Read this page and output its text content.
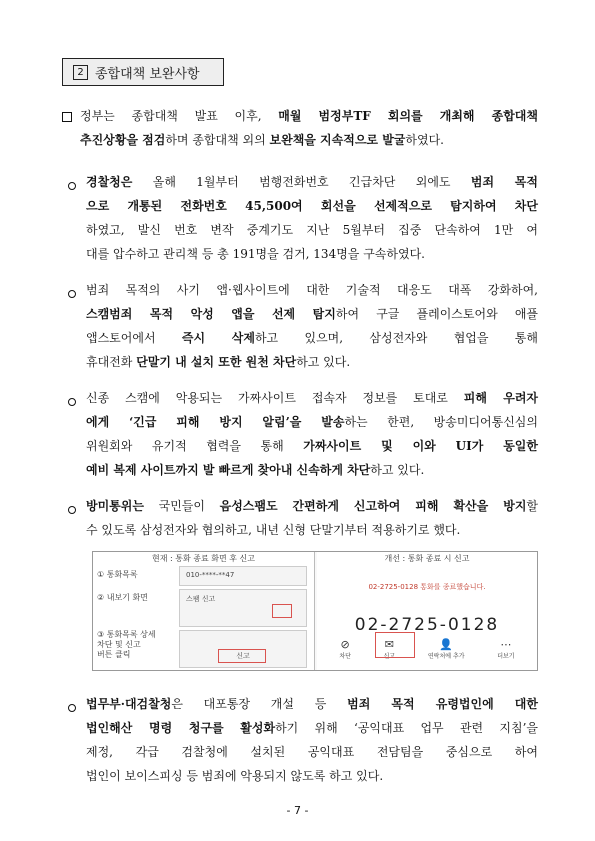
2 종합대책 보완사항
정부는 종합대책 발표 이후, 매월 범정부TF 회의를 개최해 종합대책
추진상황을 점검하며 종합대책 외의 보완책을 지속적으로 발굴하였다.
경찰청은 올해 1월부터 범행전화번호 긴급차단 외에도 범죄 목적
으로 개통된 전화번호 45,500여 회선을 선제적으로 탐지하여 차단
하였고, 발신 번호 변작 중계기도 지난 5월부터 집중 단속하여 1만 여
대를 압수하고 관리책 등 총 191명을 검거, 134명을 구속하였다.
범죄 목적의 사기 앱·웹사이트에 대한 기술적 대응도 대폭 강화하여,
스캠범죄 목적 악성 앱을 선제 탐지하여 구글 플레이스토어와 애플
앱스토어에서 즉시 삭제하고 있으며, 삼성전자와 협업을 통해
휴대전화 단말기 내 설치 또한 원천 차단하고 있다.
신종 스캠에 악용되는 가짜사이트 접속자 정보를 토대로 피해 우려자
에게 ‘긴급 피해 방지 알림’을 발송하는 한편, 방송미디어통신심의
위원회와 유기적 협력을 통해 가짜사이트 및 이와 UI가 동일한
예비 복제 사이트까지 발 빠르게 찾아내 신속하게 차단하고 있다.
방미통위는 국민들이 음성스팸도 간편하게 신고하여 피해 확산을 방지할
수 있도록 삼성전자와 협의하고, 내년 신형 단말기부터 적용하기로 했다.
현재 : 통화 종료 화면 후 신고
① 통화목록
② 내보기 화면
③ 통화목록 상세
차단 및 신고
버튼 클릭
010-****-**47
스팸 신고
신고
개선 : 통화 종료 시 신고
02-2725-0128 통화를 종료했습니다.
02-2725-0128
⊘
차단
✉
신고
👤
연락처에 추가
⋯
더보기
법무부·대검찰청은 대포통장 개설 등 범죄 목적 유령법인에 대한
법인해산 명령 청구를 활성화하기 위해 ‘공익대표 업무 관련 지침’을
제정, 각급 검찰청에 설치된 공익대표 전담팀을 중심으로 하여
법인이 보이스피싱 등 범죄에 악용되지 않도록 하고 있다.
- 7 -
